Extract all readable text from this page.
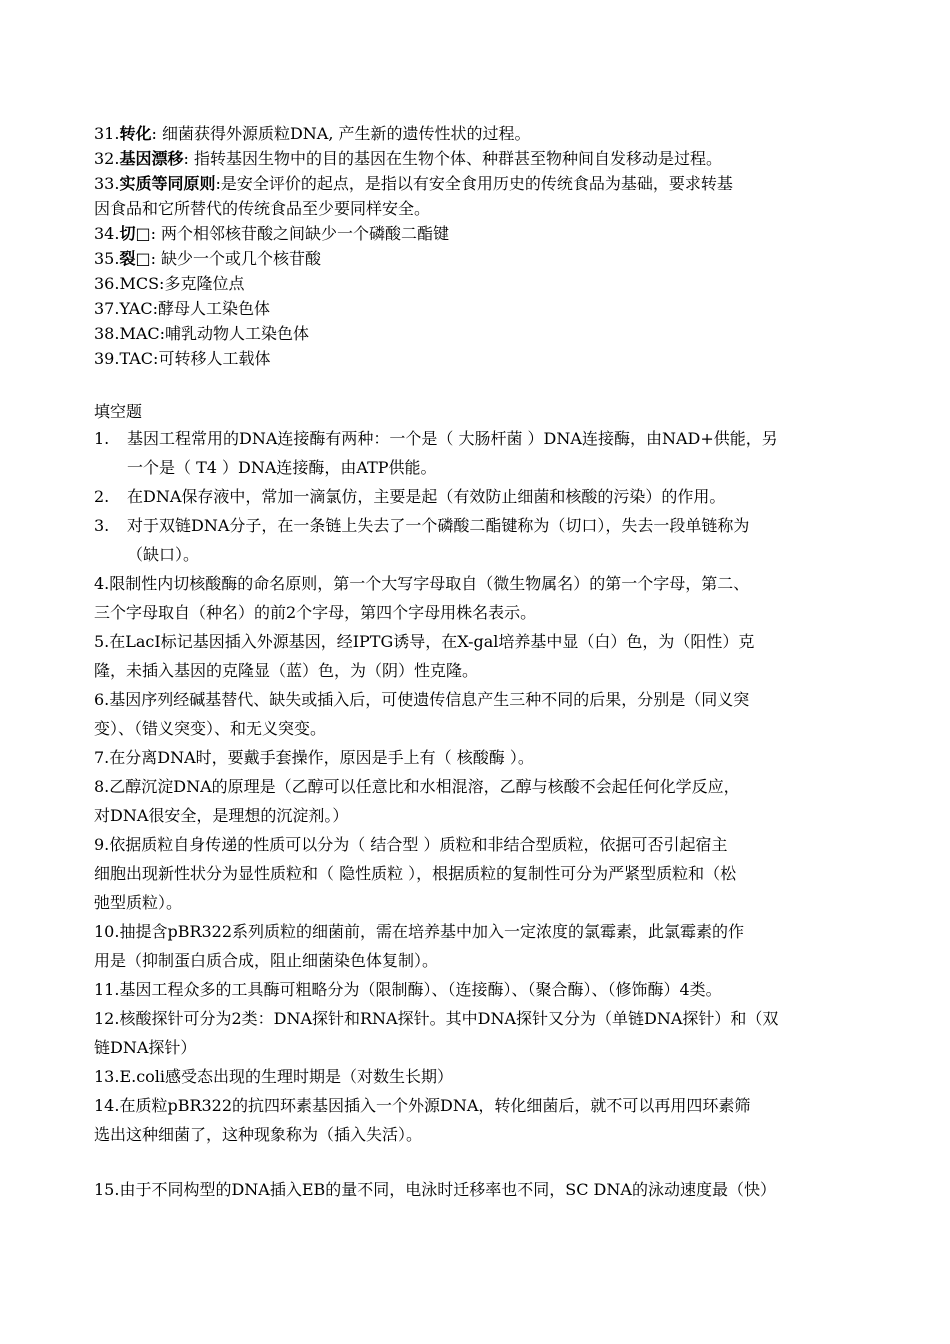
31.转化: 细菌获得外源质粒DNA, 产生新的遗传性状的过程。
32.基因漂移: 指转基因生物中的目的基因在生物个体、种群甚至物种间自发移动是过程。
33.实质等同原则:是安全评价的起点，是指以有安全食用历史的传统食品为基础，要求转基
因食品和它所替代的传统食品至少要同样安全。
34.切□: 两个相邻核苷酸之间缺少一个磷酸二酯键
35.裂□: 缺少一个或几个核苷酸
36.MCS:多克隆位点
37.YAC:酵母人工染色体
38.MAC:哺乳动物人工染色体
39.TAC:可转移人工载体
填空题
1. 基因工程常用的DNA连接酶有两种：一个是（ 大肠杆菌 ）DNA连接酶，由NAD+供能，另
一个是（ T4 ）DNA连接酶，由ATP供能。
2. 在DNA保存液中，常加一滴氯仿，主要是起（有效防止细菌和核酸的污染）的作用。
3. 对于双链DNA分子，在一条链上失去了一个磷酸二酯键称为（切口），失去一段单链称为
（缺口）。
4.限制性内切核酸酶的命名原则，第一个大写字母取自（微生物属名）的第一个字母，第二、
三个字母取自（种名）的前2个字母，第四个字母用株名表示。
5.在LacI标记基因插入外源基因，经IPTG诱导，在X-gal培养基中显（白）色，为（阳性）克
隆，未插入基因的克隆显（蓝）色，为（阴）性克隆。
6.基因序列经碱基替代、缺失或插入后，可使遗传信息产生三种不同的后果，分别是（同义突
变）、（错义突变）、和无义突变。
7.在分离DNA时，要戴手套操作，原因是手上有（ 核酸酶 ）。
8.乙醇沉淀DNA的原理是（乙醇可以任意比和水相混溶，乙醇与核酸不会起任何化学反应，
对DNA很安全，是理想的沉淀剂。）
9.依据质粒自身传递的性质可以分为（ 结合型 ）质粒和非结合型质粒，依据可否引起宿主
细胞出现新性状分为显性质粒和（ 隐性质粒 ），根据质粒的复制性可分为严紧型质粒和（松
弛型质粒）。
10.抽提含pBR322系列质粒的细菌前，需在培养基中加入一定浓度的氯霉素，此氯霉素的作
用是（抑制蛋白质合成，阻止细菌染色体复制）。
11.基因工程众多的工具酶可粗略分为（限制酶）、（连接酶）、（聚合酶）、（修饰酶）4类。
12.核酸探针可分为2类：DNA探针和RNA探针。其中DNA探针又分为（单链DNA探针）和（双
链DNA探针）
13.E.coli感受态出现的生理时期是（对数生长期）
14.在质粒pBR322的抗四环素基因插入一个外源DNA，转化细菌后，就不可以再用四环素筛
选出这种细菌了，这种现象称为（插入失活）。
15.由于不同构型的DNA插入EB的量不同，电泳时迁移率也不同，SC DNA的泳动速度最（快）
